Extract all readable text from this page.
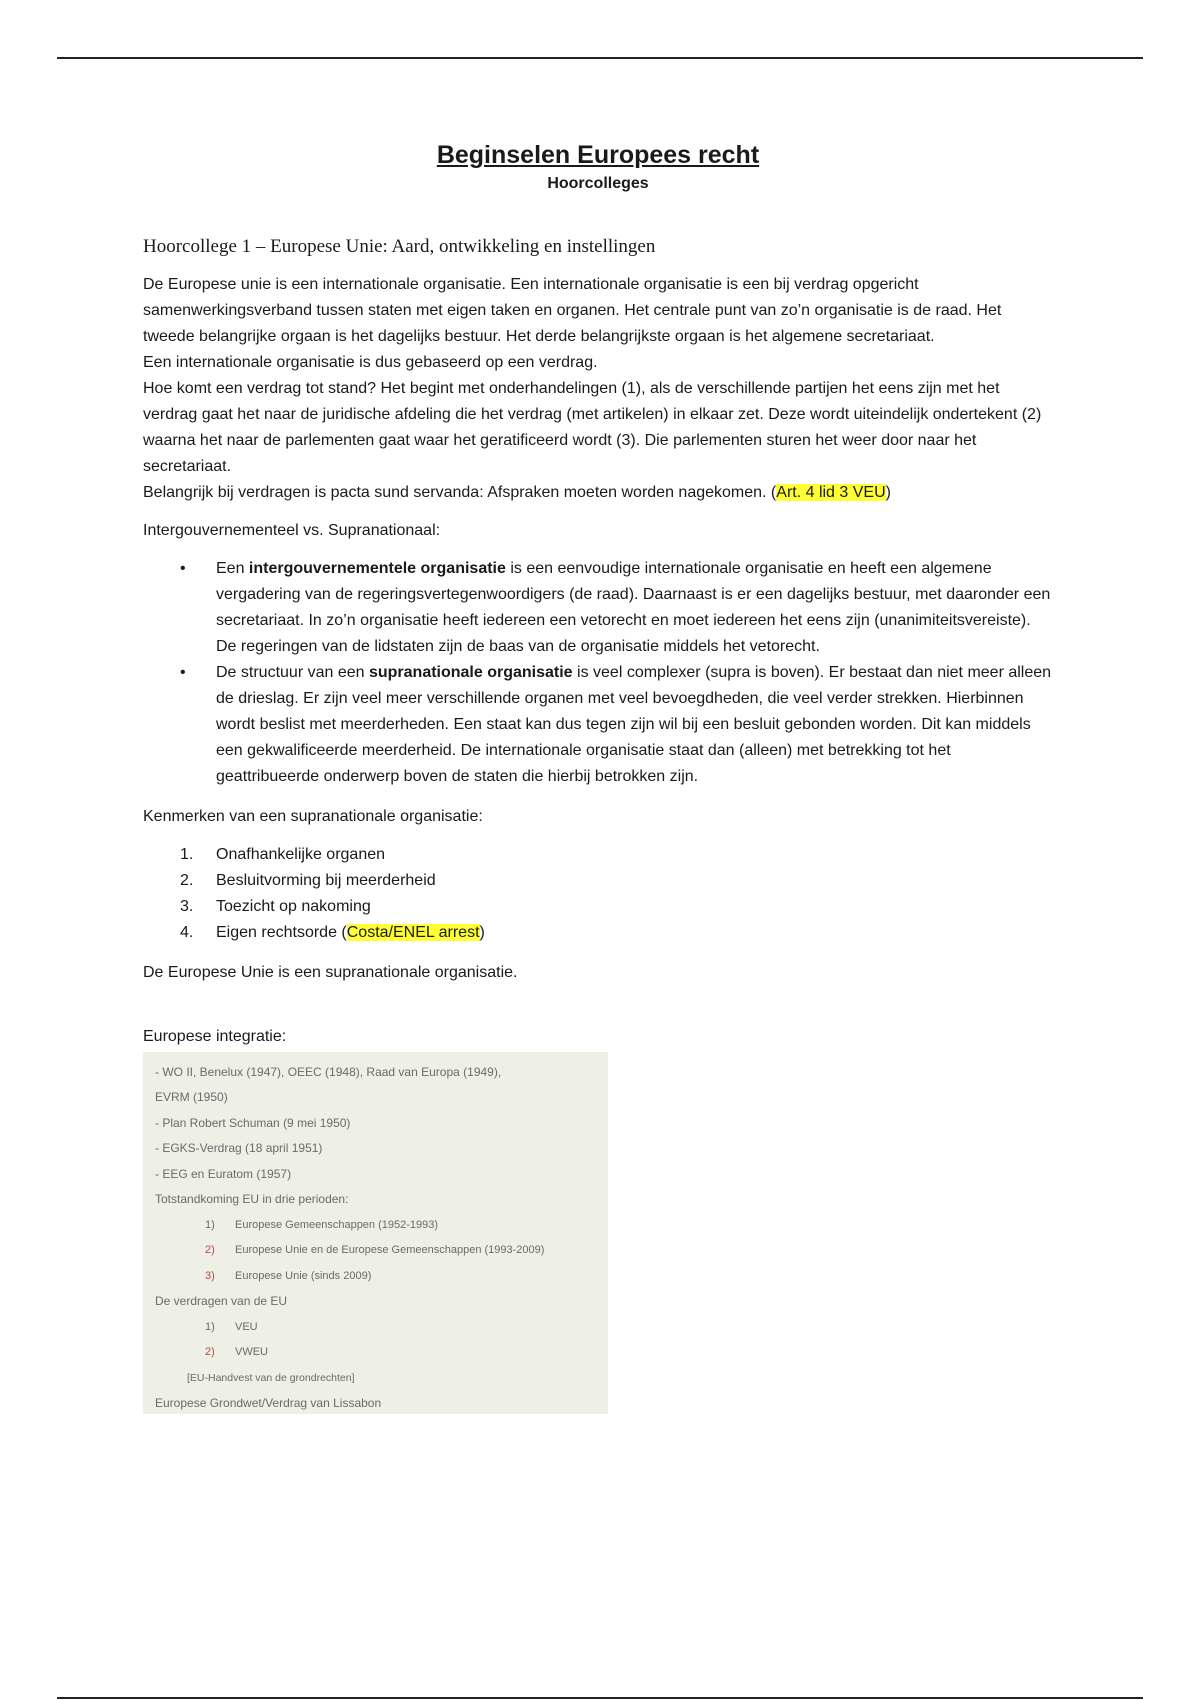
Beginselen Europees recht
Hoorcolleges
Hoorcollege 1 – Europese Unie: Aard, ontwikkeling en instellingen

De Europese unie is een internationale organisatie. Een internationale organisatie is een bij verdrag opgericht samenwerkingsverband tussen staten met eigen taken en organen. Het centrale punt van zo’n organisatie is de raad. Het tweede belangrijke orgaan is het dagelijks bestuur. Het derde belangrijkste orgaan is het algemene secretariaat.

Een internationale organisatie is dus gebaseerd op een verdrag.

Hoe komt een verdrag tot stand? Het begint met onderhandelingen (1), als de verschillende partijen het eens zijn met het verdrag gaat het naar de juridische afdeling die het verdrag (met artikelen) in elkaar zet. Deze wordt uiteindelijk ondertekent (2) waarna het naar de parlementen gaat waar het geratificeerd wordt (3). Die parlementen sturen het weer door naar het secretariaat.

Belangrijk bij verdragen is pacta sund servanda: Afspraken moeten worden nagekomen. (Art. 4 lid 3 VEU)

Intergouvernementeel vs. Supranationaal:
• Een intergouvernementele organisatie is een eenvoudige internationale organisatie en heeft een algemene vergadering van de regeringsvertegenwoordigers (de raad). Daarnaast is er een dagelijks bestuur, met daaronder een secretariaat. In zo’n organisatie heeft iedereen een vetorecht en moet iedereen het eens zijn (unanimiteitsvereiste). De regeringen van de lidstaten zijn de baas van de organisatie middels het vetorecht.
• De structuur van een supranationale organisatie is veel complexer (supra is boven). Er bestaat dan niet meer alleen de drieslag. Er zijn veel meer verschillende organen met veel bevoegdheden, die veel verder strekken. Hierbinnen wordt beslist met meerderheden. Een staat kan dus tegen zijn wil bij een besluit gebonden worden. Dit kan middels een gekwalificeerde meerderheid. De internationale organisatie staat dan (alleen) met betrekking tot het geattribueerde onderwerp boven de staten die hierbij betrokken zijn.
Kenmerken van een supranationale organisatie:
1. Onafhankelijke organen
2. Besluitvorming bij meerderheid
3. Toezicht op nakoming
4. Eigen rechtsorde (Costa/ENEL arrest)

De Europese Unie is een supranationale organisatie.

Europese integratie:
- WO II, Benelux (1947), OEEC (1948), Raad van Europa (1949),
EVRM (1950)
- Plan Robert Schuman (9 mei 1950)
- EGKS-Verdrag (18 april 1951)
- EEG en Euratom (1957)
Totstandkoming EU in drie perioden:
1) Europese Gemeenschappen (1952-1993)
2) Europese Unie en de Europese Gemeenschappen (1993-2009)
3) Europese Unie (sinds 2009)
De verdragen van de EU
1) VEU
2) VWEU
[EU-Handvest van de grondrechten]
Europese Grondwet/Verdrag van Lissabon
